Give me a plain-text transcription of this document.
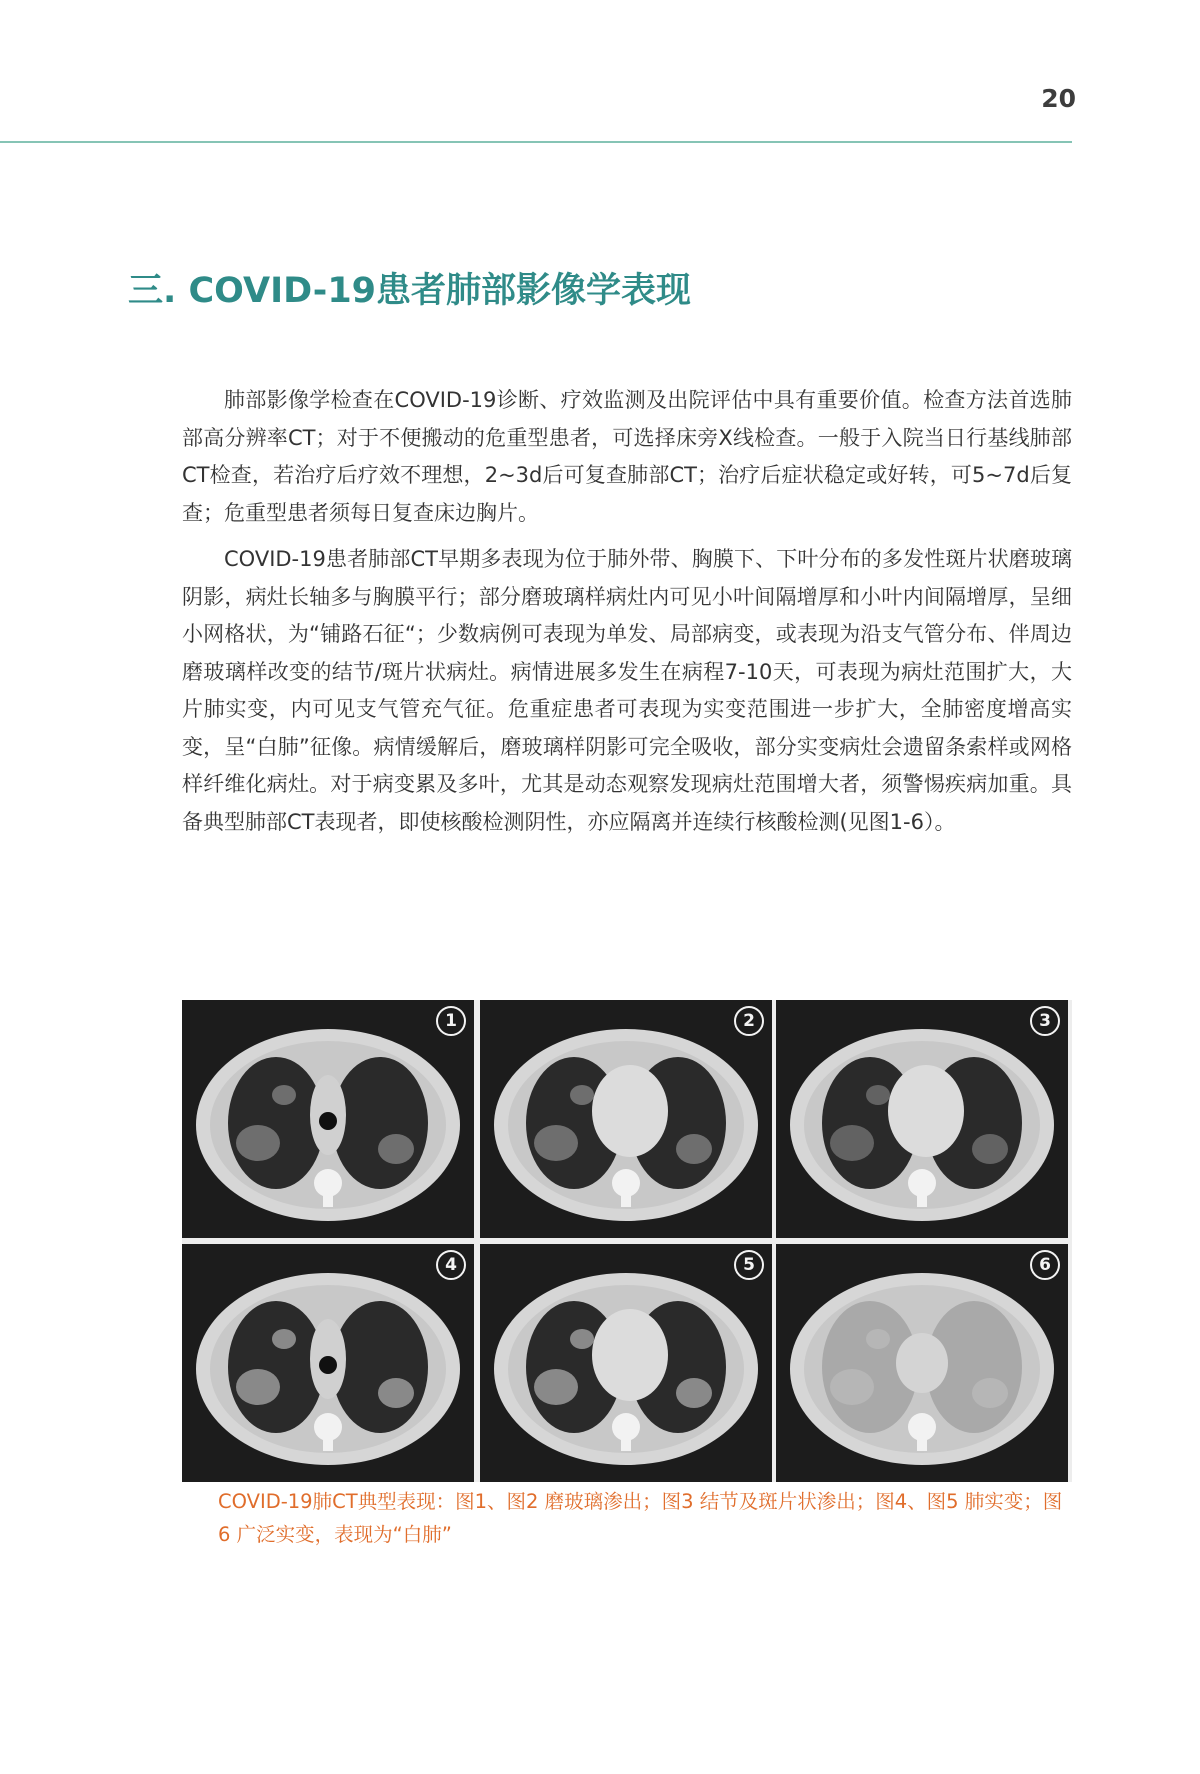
20
三. COVID-19患者肺部影像学表现

肺部影像学检查在COVID-19诊断、疗效监测及出院评估中具有重要价值。检查方法首选肺部高分辨率CT；对于不便搬动的危重型患者，可选择床旁X线检查。一般于入院当日行基线肺部CT检查，若治疗后疗效不理想，2~3d后可复查肺部CT；治疗后症状稳定或好转，可5~7d后复查；危重型患者须每日复查床边胸片。

COVID-19患者肺部CT早期多表现为位于肺外带、胸膜下、下叶分布的多发性斑片状磨玻璃阴影，病灶长轴多与胸膜平行；部分磨玻璃样病灶内可见小叶间隔增厚和小叶内间隔增厚，呈细小网格状，为“铺路石征“；少数病例可表现为单发、局部病变，或表现为沿支气管分布、伴周边磨玻璃样改变的结节/斑片状病灶。病情进展多发生在病程7-10天，可表现为病灶范围扩大，大片肺实变，内可见支气管充气征。危重症患者可表现为实变范围进一步扩大，全肺密度增高实变，呈“白肺”征像。病情缓解后，磨玻璃样阴影可完全吸收，部分实变病灶会遗留条索样或网格样纤维化病灶。对于病变累及多叶，尤其是动态观察发现病灶范围增大者，须警惕疾病加重。具备典型肺部CT表现者，即使核酸检测阴性，亦应隔离并连续行核酸检测(见图1-6）。

1	2	3
4	5	6

COVID-19肺CT典型表现：图1、图2 磨玻璃渗出；图3 结节及斑片状渗出；图4、图5 肺实变；图6 广泛实变，表现为“白肺”
